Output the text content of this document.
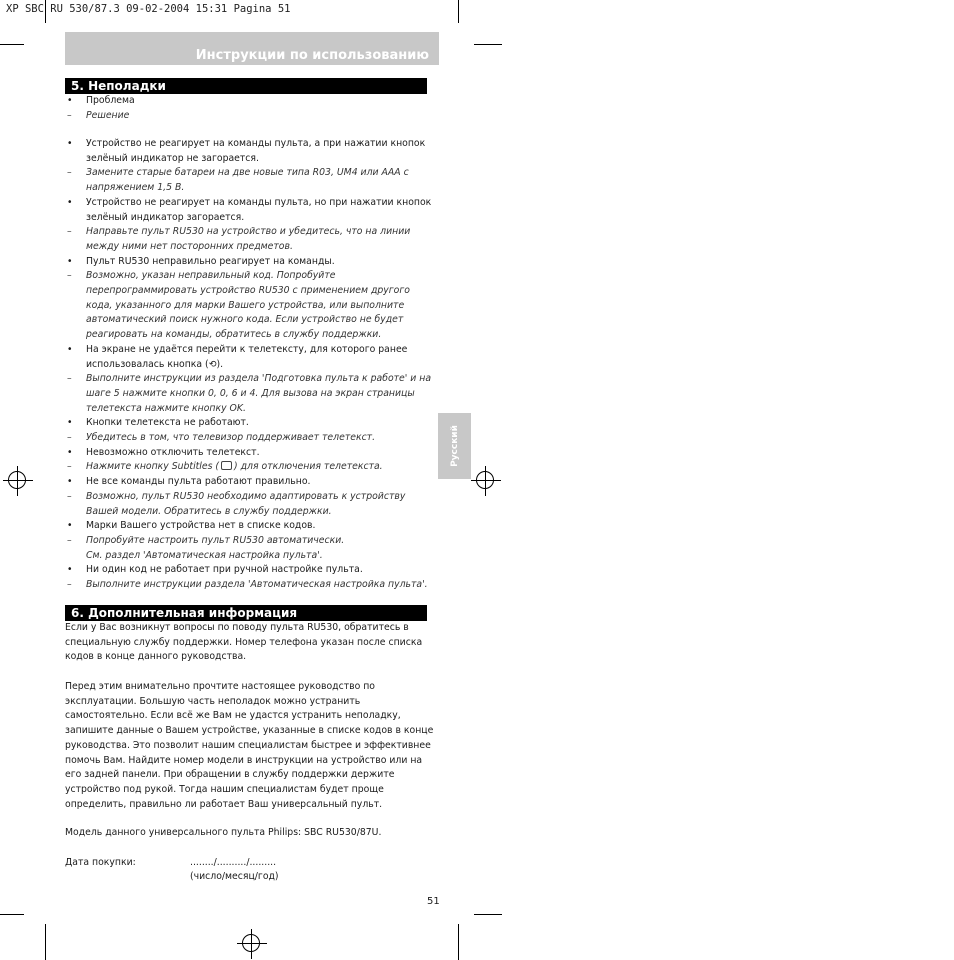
XP SBC RU 530/87.3 09-02-2004 15:31 Pagina 51
Инструкции по использованию
5. Неполадки
• Проблема
– Решение
• Устройство не реагирует на команды пульта, а при нажатии кнопок
зелёный индикатор не загорается.
– Замените старые батареи на две новые типа R03, UM4 или AAA с
напряжением 1,5 В.
• Устройство не реагирует на команды пульта, но при нажатии кнопок
зелёный индикатор загорается.
– Направьте пульт RU530 на устройство и убедитесь, что на линии
между ними нет посторонних предметов.
• Пульт RU530 неправильно реагирует на команды.
– Возможно, указан неправильный код. Попробуйте
перепрограммировать устройство RU530 с применением другого
кода, указанного для марки Вашего устройства, или выполните
автоматический поиск нужного кода. Если устройство не будет
реагировать на команды, обратитесь в службу поддержки.
• На экране не удаётся перейти к телетексту, для которого ранее
использовалась кнопка (⟲).
– Выполните инструкции из раздела 'Подготовка пульта к работе' и на
шаге 5 нажмите кнопки 0, 0, 6 и 4. Для вызова на экран страницы
телетекста нажмите кнопку OK.
• Кнопки телетекста не работают.
– Убедитесь в том, что телевизор поддерживает телетекст.
• Невозможно отключить телетекст.
– Нажмите кнопку Subtitles ( ) для отключения телетекста.
• Не все команды пульта работают правильно.
– Возможно, пульт RU530 необходимо адаптировать к устройству
Вашей модели. Обратитесь в службу поддержки.
• Марки Вашего устройства нет в списке кодов.
– Попробуйте настроить пульт RU530 автоматически.
См. раздел 'Автоматическая настройка пульта'.
• Ни один код не работает при ручной настройке пульта.
– Выполните инструкции раздела 'Автоматическая настройка пульта'.
6. Дополнительная информация
Если у Вас возникнут вопросы по поводу пульта RU530, обратитесь в
специальную службу поддержки. Номер телефона указан после списка
кодов в конце данного руководства.
Перед этим внимательно прочтите настоящее руководство по
эксплуатации. Большую часть неполадок можно устранить
самостоятельно. Если всё же Вам не удастся устранить неполадку,
запишите данные о Вашем устройстве, указанные в списке кодов в конце
руководства. Это позволит нашим специалистам быстрее и эффективнее
помочь Вам. Найдите номер модели в инструкции на устройство или на
его задней панели. При обращении в службу поддержки держите
устройство под рукой. Тогда нашим специалистам будет проще
определить, правильно ли работает Ваш универсальный пульт.
Модель данного универсального пульта Philips: SBC RU530/87U.
Дата покупки:	......../........../.........
(число/месяц/год)
Русский
51
